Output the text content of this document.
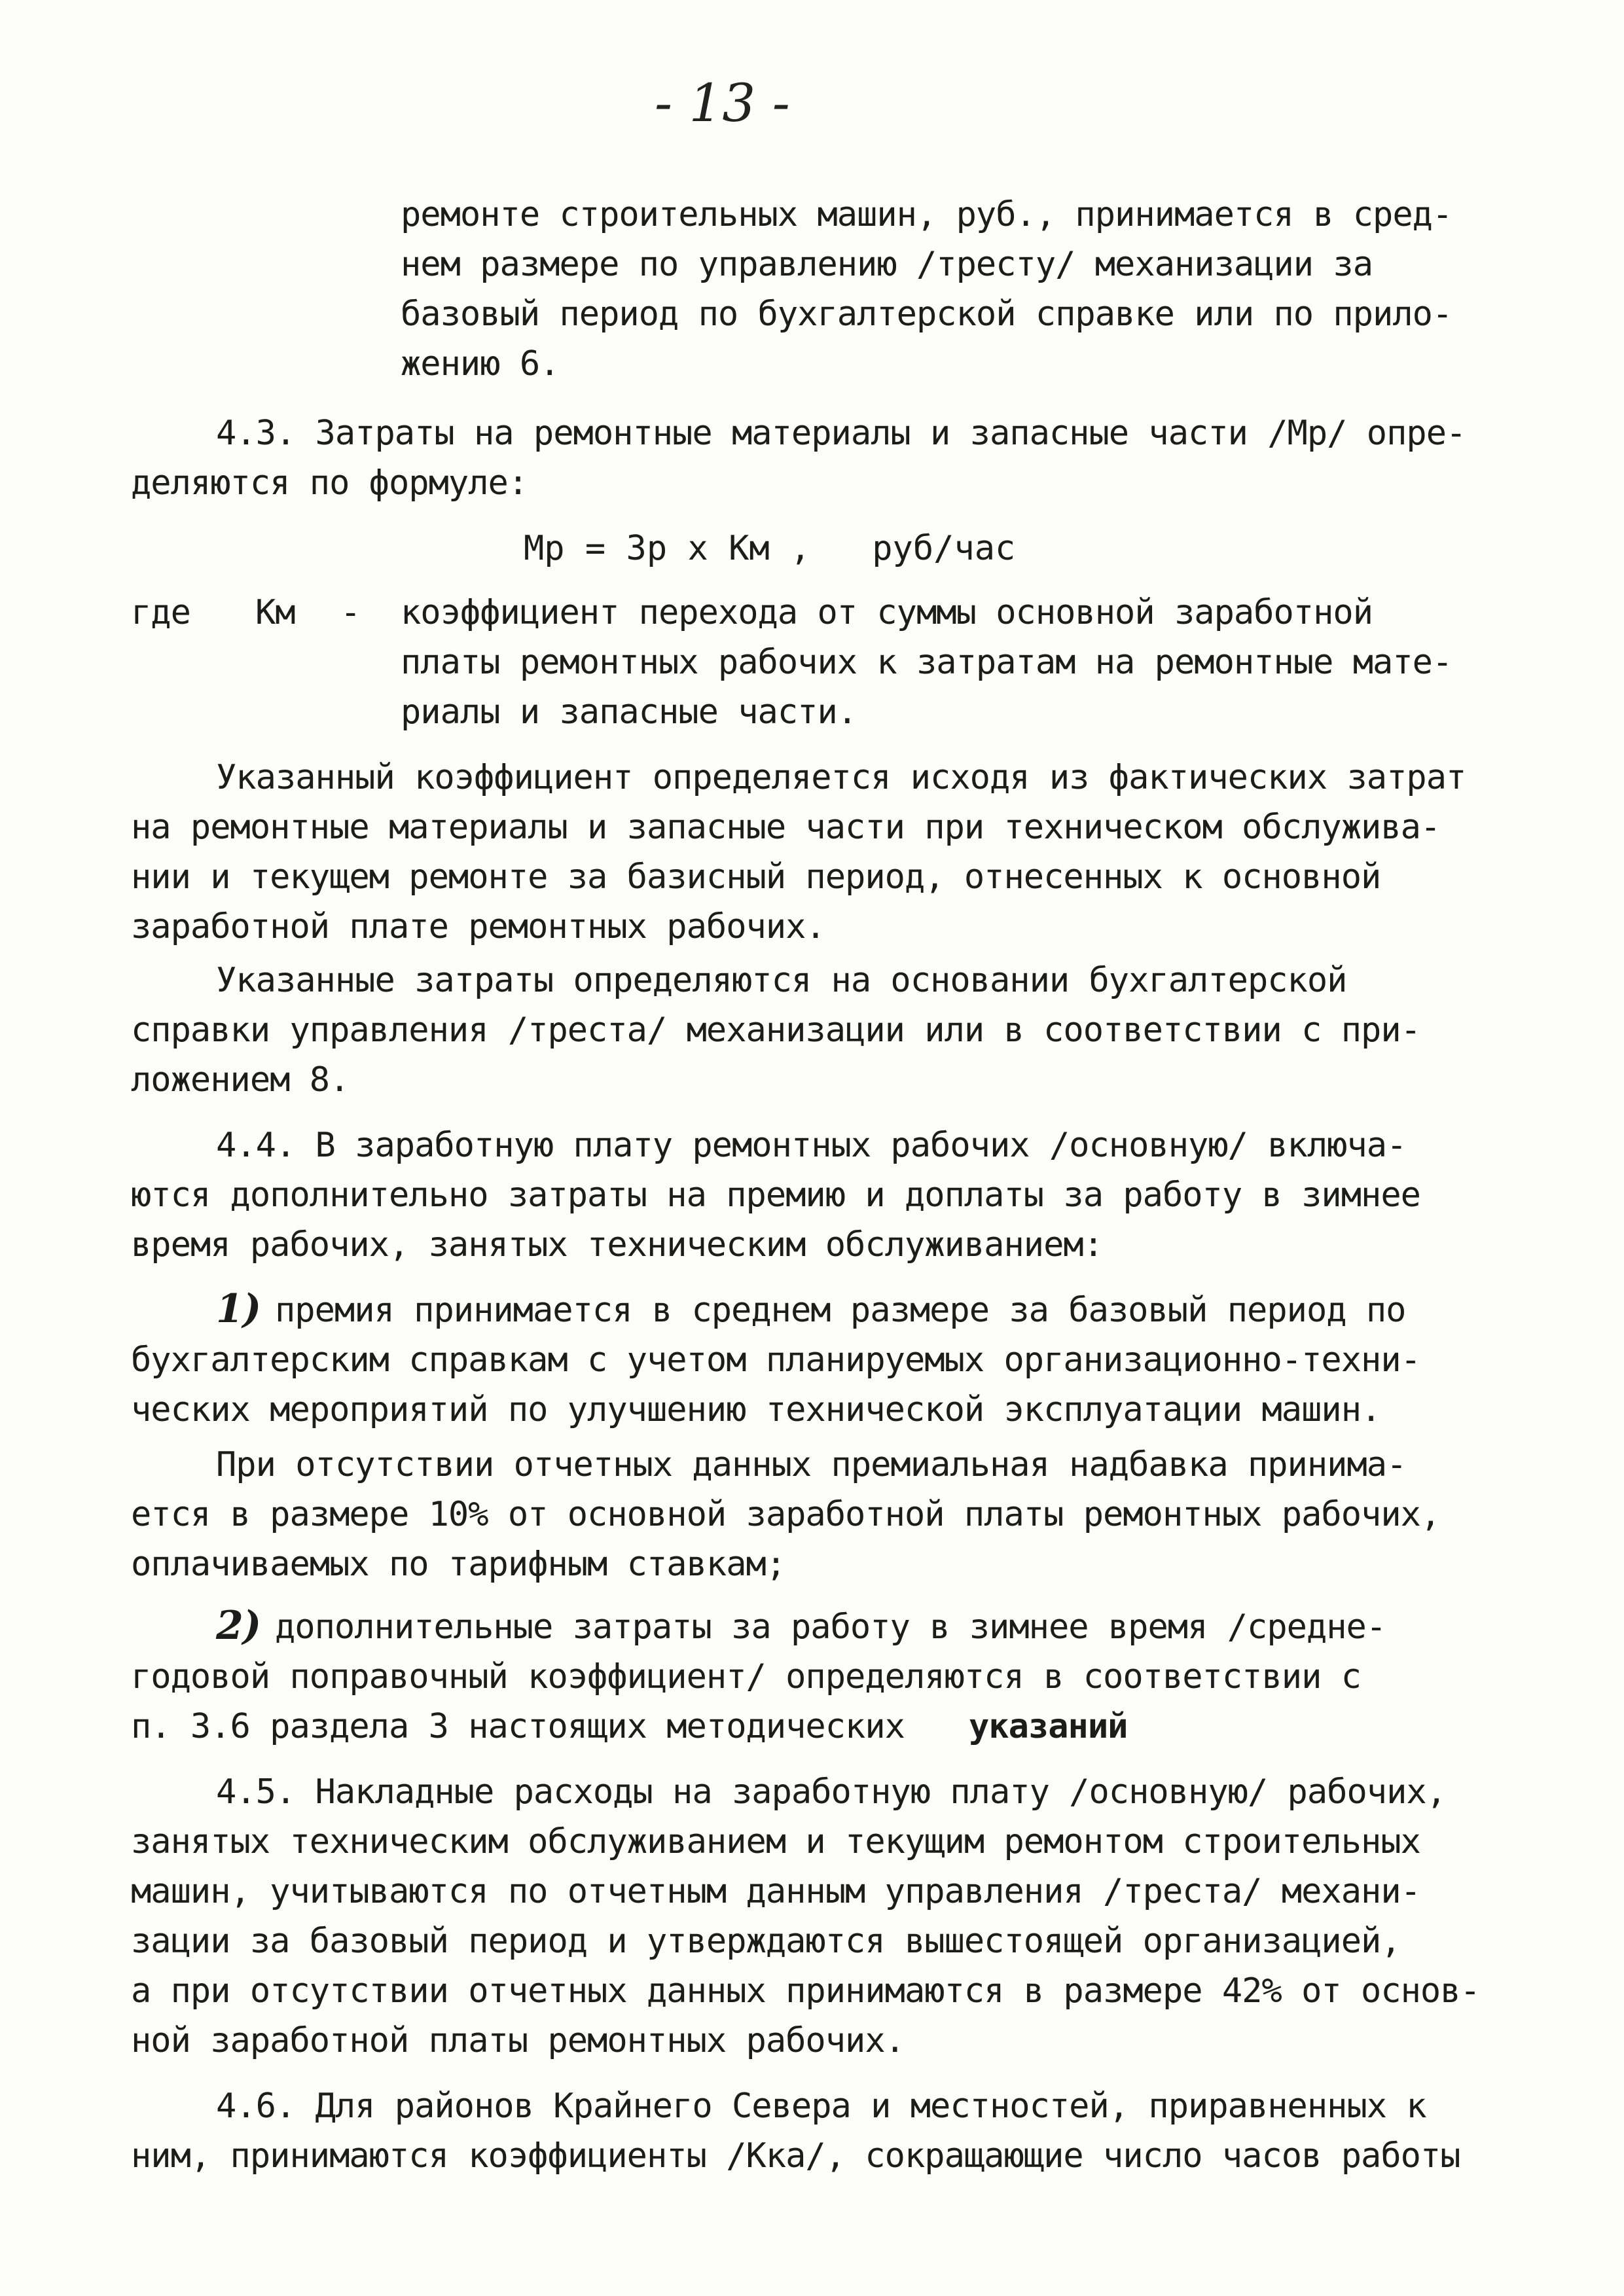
- 13 -
ремонте строительных машин, руб., принимается в сред-
нем размере по управлению /тресту/ механизации за
базовый период по бухгалтерской справке или по прило-
жению 6.
4.3. Затраты на ремонтные материалы и запасные части /Мр/ опре-
деляются по формуле:
Мр = Зр х Км ,   руб/час
где Км - коэффициент перехода от суммы основной заработной
платы ремонтных рабочих к затратам на ремонтные мате-
риалы и запасные части.
Указанный коэффициент определяется исходя из фактических затрат
на ремонтные материалы и запасные части при техническом обслужива-
нии и текущем ремонте за базисный период, отнесенных к основной
заработной плате ремонтных рабочих.
Указанные затраты определяются на основании бухгалтерской
справки управления /треста/ механизации или в соответствии с при-
ложением 8.
4.4. В заработную плату ремонтных рабочих /основную/ включа-
ются дополнительно затраты на премию и доплаты за работу в зимнее
время рабочих, занятых техническим обслуживанием:
1) премия принимается в среднем размере за базовый период по
бухгалтерским справкам с учетом планируемых организационно-техни-
ческих мероприятий по улучшению технической эксплуатации машин.
При отсутствии отчетных данных премиальная надбавка принима-
ется в размере 10% от основной заработной платы ремонтных рабочих,
оплачиваемых по тарифным ставкам;
2) дополнительные затраты за работу в зимнее время /средне-
годовой поправочный коэффициент/ определяются в соответствии с
п. 3.6 раздела 3 настоящих методических указаний
4.5. Накладные расходы на заработную плату /основную/ рабочих,
занятых техническим обслуживанием и текущим ремонтом строительных
машин, учитываются по отчетным данным управления /треста/ механи-
зации за базовый период и утверждаются вышестоящей организацией,
а при отсутствии отчетных данных принимаются в размере 42% от основ-
ной заработной платы ремонтных рабочих.
4.6. Для районов Крайнего Севера и местностей, приравненных к
ним, принимаются коэффициенты /Кка/, сокращающие число часов работы
